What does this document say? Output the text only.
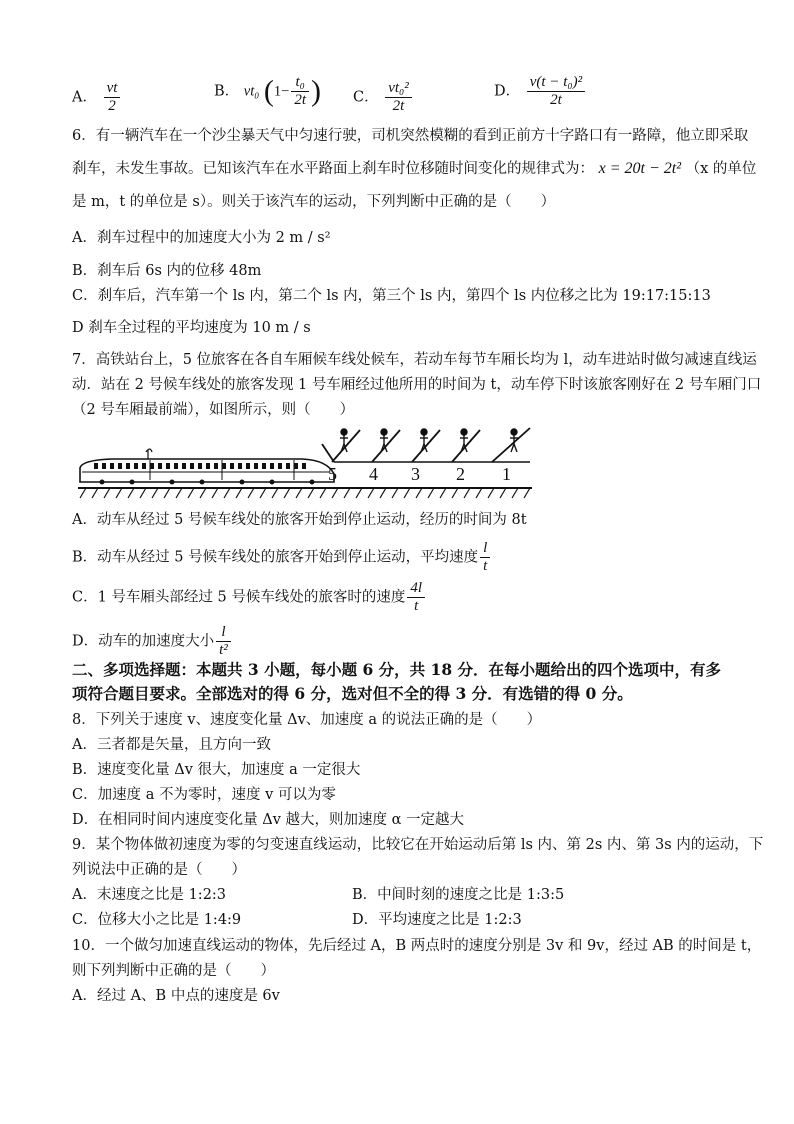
A． $\frac{vt}{2}$	B． vt₀ ($1- \frac{\text{t₀}}{2t}$ ) C． $\frac{\text{vt₀²}}{2t}$	D． $\frac{\text{v(t − t₀)²}}{2t}$
6．有一辆汽车在一个沙尘暴天气中匀速行驶，司机突然模糊的看到正前方十字路口有一路障，他立即采取
刹车，未发生事故。已知该汽车在水平路面上刹车时位移随时间变化的规律式为： x = 20t − 2t² （x 的单位
是 m，t 的单位是 s）。则关于该汽车的运动，下列判断中正确的是（　　）
A．刹车过程中的加速度大小为 2 m / s²
B．刹车后 6s 内的位移 48m
C．刹车后，汽车第一个 ls 内，第二个 ls 内，第三个 ls 内，第四个 ls 内位移之比为 19:17:15:13
D 刹车全过程的平均速度为 10 m / s
7．高铁站台上，5 位旅客在各自车厢候车线处候车，若动车每节车厢长均为 l，动车进站时做匀减速直线运
动．站在 2 号候车线处的旅客发现 1 号车厢经过他所用的时间为 t，动车停下时该旅客刚好在 2 号车厢门口
（2 号车厢最前端），如图所示，则（　　）
5 4 3 2 1
A．动车从经过 5 号候车线处的旅客开始到停止运动，经历的时间为 8t
B．动车从经过 5 号候车线处的旅客开始到停止运动，平均速度 $\frac{l}{t}$
C．1 号车厢头部经过 5 号候车线处的旅客时的速度 $\frac{4l}{t}$
D．动车的加速度大小 $\frac{l}{\text{t²}}$
二、多项选择题：本题共 3 小题，每小题 6 分，共 18 分．在每小题给出的四个选项中，有多
项符合题目要求。全部选对的得 6 分，选对但不全的得 3 分．有选错的得 0 分。
8．下列关于速度 v、速度变化量 Δv、加速度 a 的说法正确的是（　　）
A．三者都是矢量，且方向一致
B．速度变化量 Δv 很大，加速度 a 一定很大
C．加速度 a 不为零时，速度 v 可以为零
D．在相同时间内速度变化量 Δv 越大，则加速度 α 一定越大
9．某个物体做初速度为零的匀变速直线运动，比较它在开始运动后第 ls 内、第 2s 内、第 3s 内的运动，下
列说法中正确的是（　　）
A．末速度之比是 1:2:3	B．中间时刻的速度之比是 1:3:5
C．位移大小之比是 1:4:9	D．平均速度之比是 1:2:3
10．一个做匀加速直线运动的物体，先后经过 A，B 两点时的速度分别是 3v 和 9v，经过 AB 的时间是 t，
则下列判断中正确的是（　　）
A．经过 A、B 中点的速度是 6v
